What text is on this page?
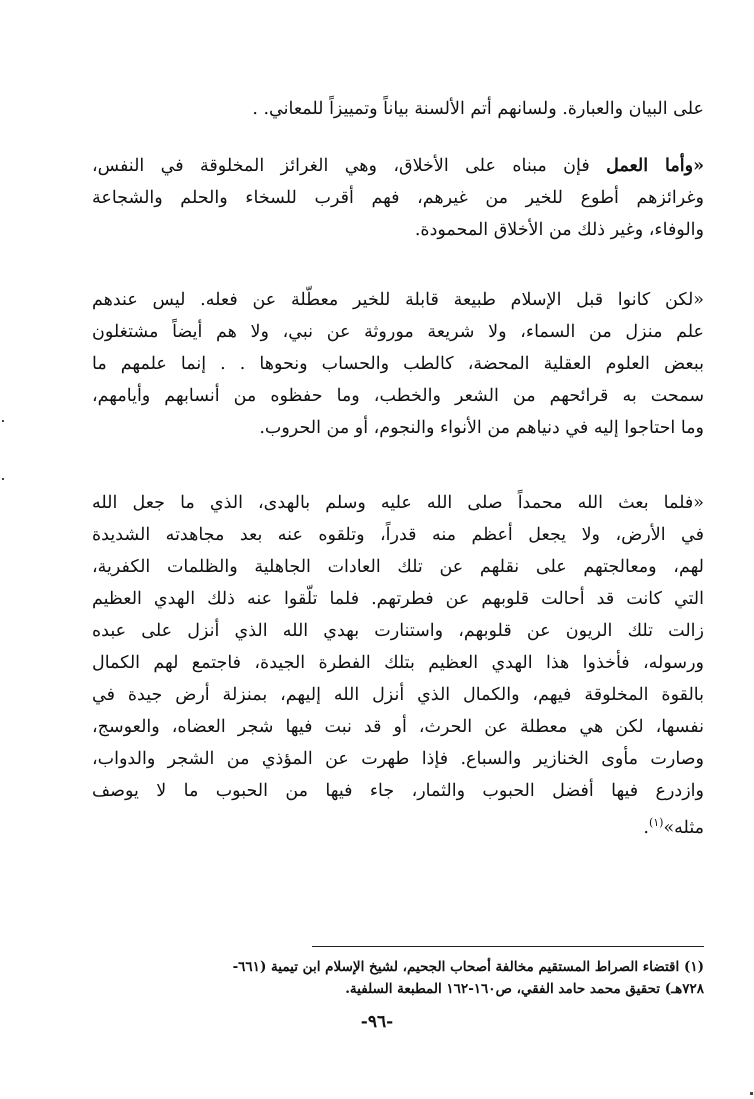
على البيان والعبارة. ولسانهم أتم الألسنة بياناً وتمييزاً للمعاني. .

«وأما العمل فإن مبناه على الأخلاق، وهي الغرائز المخلوقة في النفس،
وغرائزهم أطوع للخير من غيرهم، فهم أقرب للسخاء والحلم والشجاعة
والوفاء، وغير ذلك من الأخلاق المحمودة.

«لكن كانوا قبل الإسلام طبيعة قابلة للخير معطّلة عن فعله. ليس عندهم
علم منزل من السماء، ولا شريعة موروثة عن نبي، ولا هم أيضاً مشتغلون
ببعض العلوم العقلية المحضة، كالطب والحساب ونحوها . . إنما علمهم ما
سمحت به قرائحهم من الشعر والخطب، وما حفظوه من أنسابهم وأيامهم،
وما احتاجوا إليه في دنياهم من الأنواء والنجوم، أو من الحروب.

«فلما بعث الله محمداً صلى الله عليه وسلم بالهدى، الذي ما جعل الله
في الأرض، ولا يجعل أعظم منه قدراً، وتلقوه عنه بعد مجاهدته الشديدة
لهم، ومعالجتهم على نقلهم عن تلك العادات الجاهلية والظلمات الكفرية،
التي كانت قد أحالت قلوبهم عن فطرتهم. فلما تلّقوا عنه ذلك الهدي العظيم
زالت تلك الريون عن قلوبهم، واستنارت بهدي الله الذي أنزل على عبده
ورسوله، فأخذوا هذا الهدي العظيم بتلك الفطرة الجيدة، فاجتمع لهم الكمال
بالقوة المخلوقة فيهم، والكمال الذي أنزل الله إليهم، بمنزلة أرض جيدة في
نفسها، لكن هي معطلة عن الحرث، أو قد نبت فيها شجر العضاه، والعوسج،
وصارت مأوى الخنازير والسباع. فإذا طهرت عن المؤذي من الشجر والدواب،
وازدرع فيها أفضل الحبوب والثمار، جاء فيها من الحبوب ما لا يوصف
مثله»$^{(١)}$.

(١) اقتضاء الصراط المستقيم مخالفة أصحاب الجحيم، لشيخ الإسلام ابن تيمية (٦٦١-
٧٢٨هـ) تحقيق محمد حامد الفقي، ص١٦٠-١٦٢ المطبعة السلفية.
-٩٦-
